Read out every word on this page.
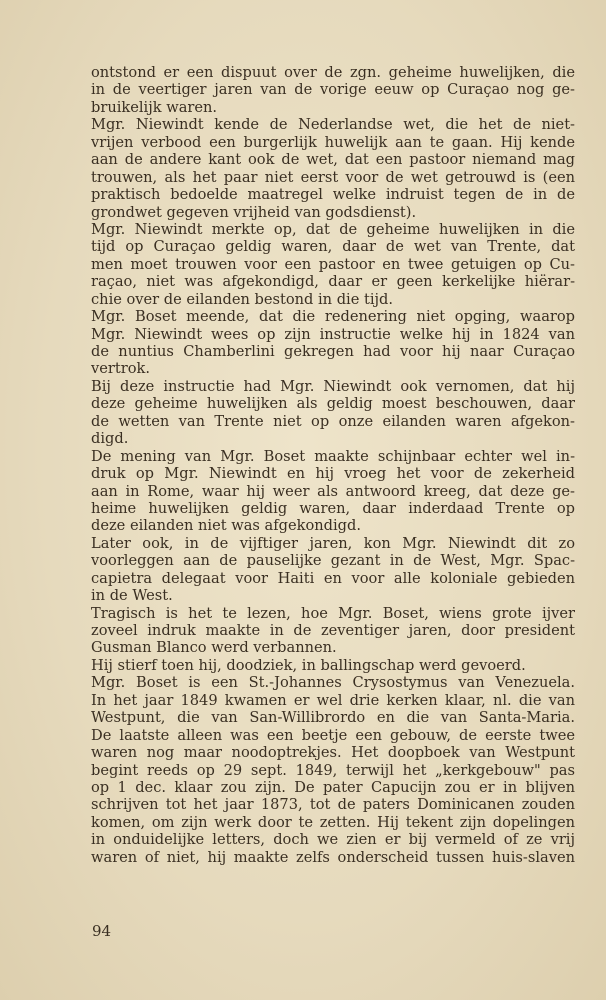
ontstond er een dispuut over de zgn. geheime huwelijken, die
in de veertiger jaren van de vorige eeuw op Curaçao nog ge-
bruikelijk waren.
Mgr. Niewindt kende de Nederlandse wet, die het de niet-
vrijen verbood een burgerlijk huwelijk aan te gaan. Hij kende
aan de andere kant ook de wet, dat een pastoor niemand mag
trouwen, als het paar niet eerst voor de wet getrouwd is (een
praktisch bedoelde maatregel welke indruist tegen de in de
grondwet gegeven vrijheid van godsdienst).
Mgr. Niewindt merkte op, dat de geheime huwelijken in die
tijd op Curaçao geldig waren, daar de wet van Trente, dat
men moet trouwen voor een pastoor en twee getuigen op Cu-
raçao, niet was afgekondigd, daar er geen kerkelijke hiërar-
chie over de eilanden bestond in die tijd.
Mgr. Boset meende, dat die redenering niet opging, waarop
Mgr. Niewindt wees op zijn instructie welke hij in 1824 van
de nuntius Chamberlini gekregen had voor hij naar Curaçao
vertrok.
Bij deze instructie had Mgr. Niewindt ook vernomen, dat hij
deze geheime huwelijken als geldig moest beschouwen, daar
de wetten van Trente niet op onze eilanden waren afgekon-
digd.
De mening van Mgr. Boset maakte schijnbaar echter wel in-
druk op Mgr. Niewindt en hij vroeg het voor de zekerheid
aan in Rome, waar hij weer als antwoord kreeg, dat deze ge-
heime huwelijken geldig waren, daar inderdaad Trente op
deze eilanden niet was afgekondigd.
Later ook, in de vijftiger jaren, kon Mgr. Niewindt dit zo
voorleggen aan de pauselijke gezant in de West, Mgr. Spac-
capietra delegaat voor Haiti en voor alle koloniale gebieden
in de West.
Tragisch is het te lezen, hoe Mgr. Boset, wiens grote ijver
zoveel indruk maakte in de zeventiger jaren, door president
Gusman Blanco werd verbannen.
Hij stierf toen hij, doodziek, in ballingschap werd gevoerd.
Mgr. Boset is een St.-Johannes Crysostymus van Venezuela.
In het jaar 1849 kwamen er wel drie kerken klaar, nl. die van
Westpunt, die van San-Willibrordo en die van Santa-Maria.
De laatste alleen was een beetje een gebouw, de eerste twee
waren nog maar noodoptrekjes. Het doopboek van Westpunt
begint reeds op 29 sept. 1849, terwijl het „kerkgebouw" pas
op 1 dec. klaar zou zijn. De pater Capucijn zou er in blijven
schrijven tot het jaar 1873, tot de paters Dominicanen zouden
komen, om zijn werk door te zetten. Hij tekent zijn dopelingen
in onduidelijke letters, doch we zien er bij vermeld of ze vrij
waren of niet, hij maakte zelfs onderscheid tussen huis-slaven
94
